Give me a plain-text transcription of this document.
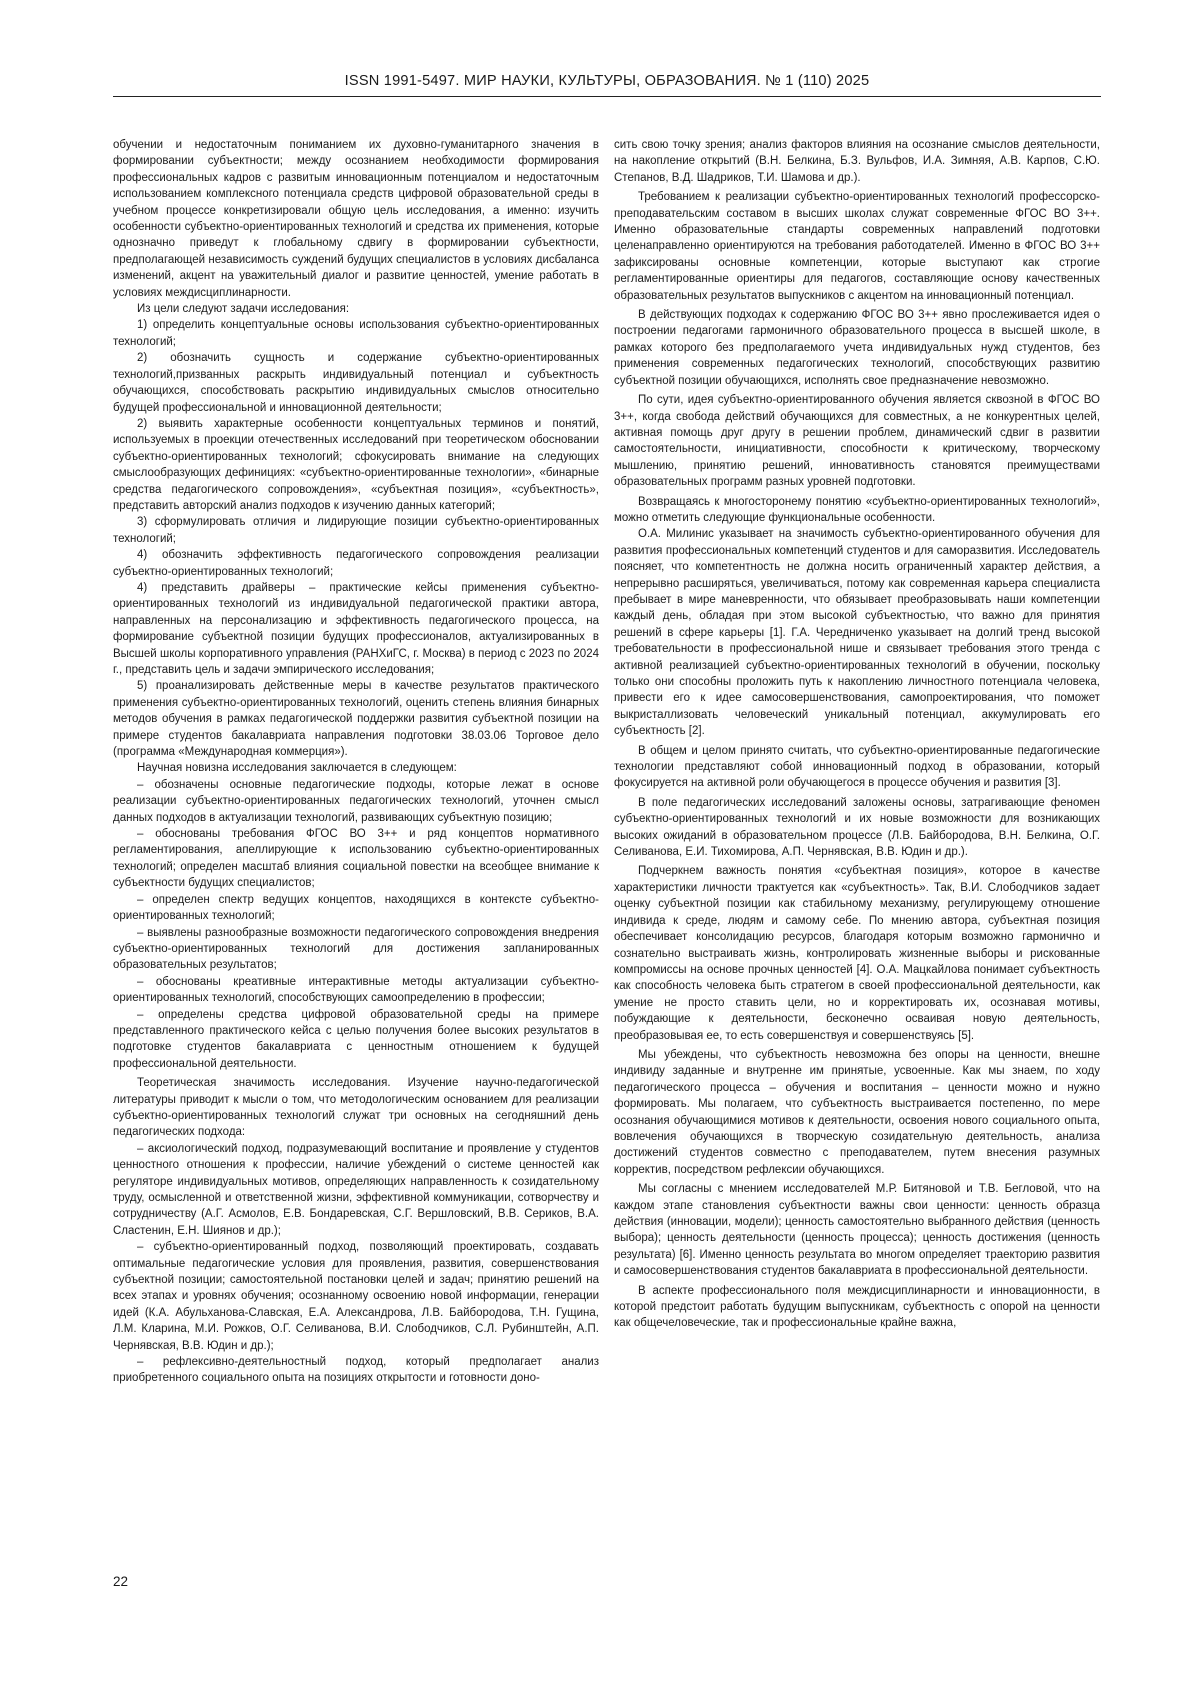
ISSN 1991-5497. МИР НАУКИ, КУЛЬТУРЫ, ОБРАЗОВАНИЯ. № 1 (110) 2025

обучении и недостаточным пониманием их духовно-гуманитарного значения в формировании субъектности; между осознанием необходимости формирования профессиональных кадров с развитым инновационным потенциалом и недостаточным использованием комплексного потенциала средств цифровой образовательной среды в учебном процессе конкретизировали общую цель исследования, а именно: изучить особенности субъектно-ориентированных технологий и средства их применения, которые однозначно приведут к глобальному сдвигу в формировании субъектности, предполагающей независимость суждений будущих специалистов в условиях дисбаланса изменений, акцент на уважительный диалог и развитие ценностей, умение работать в условиях междисциплинарности.

Из цели следуют задачи исследования:

1) определить концептуальные основы использования субъектно-ориентированных технологий;

2) обозначить сущность и содержание субъектно-ориентированных технологий,призванных раскрыть индивидуальный потенциал и субъектность обучающихся, способствовать раскрытию индивидуальных смыслов относительно будущей профессиональной и инновационной деятельности;

2) выявить характерные особенности концептуальных терминов и понятий, используемых в проекции отечественных исследований при теоретическом обосновании субъектно-ориентированных технологий; сфокусировать внимание на следующих смыслообразующих дефинициях: «субъектно-ориентированные технологии», «бинарные средства педагогического сопровождения», «субъектная позиция», «субъектность», представить авторский анализ подходов к изучению данных категорий;

3) сформулировать отличия и лидирующие позиции субъектно-ориентированных технологий;

4) обозначить эффективность педагогического сопровождения реализации субъектно-ориентированных технологий;

4) представить драйверы – практические кейсы применения субъектно-ориентированных технологий из индивидуальной педагогической практики автора, направленных на персонализацию и эффективность педагогического процесса, на формирование субъектной позиции будущих профессионалов, актуализированных в Высшей школы корпоративного управления (РАНХиГС, г. Москва) в период с 2023 по 2024 г., представить цель и задачи эмпирического исследования;

5) проанализировать действенные меры в качестве результатов практического применения субъектно-ориентированных технологий, оценить степень влияния бинарных методов обучения в рамках педагогической поддержки развития субъектной позиции на примере студентов бакалавриата направления подготовки 38.03.06 Торговое дело (программа «Международная коммерция»).

Научная новизна исследования заключается в следующем:

– обозначены основные педагогические подходы, которые лежат в основе реализации субъектно-ориентированных педагогических технологий, уточнен смысл данных подходов в актуализации технологий, развивающих субъектную позицию;

– обоснованы требования ФГОС ВО 3++ и ряд концептов нормативного регламентирования, апеллирующие к использованию субъектно-ориентированных технологий; определен масштаб влияния социальной повестки на всеобщее внимание к субъектности будущих специалистов;

– определен спектр ведущих концептов, находящихся в контексте субъектно-ориентированных технологий;

– выявлены разнообразные возможности педагогического сопровождения внедрения субъектно-ориентированных технологий для достижения запланированных образовательных результатов;

– обоснованы креативные интерактивные методы актуализации субъектно-ориентированных технологий, способствующих самоопределению в профессии;

– определены средства цифровой образовательной среды на примере представленного практического кейса с целью получения более высоких результатов в подготовке студентов бакалавриата с ценностным отношением к будущей профессиональной деятельности.

Теоретическая значимость исследования. Изучение научно-педагогической литературы приводит к мысли о том, что методологическим основанием для реализации субъектно-ориентированных технологий служат три основных на сегодняшний день педагогических подхода:

– аксиологический подход, подразумевающий воспитание и проявление у студентов ценностного отношения к профессии, наличие убеждений о системе ценностей как регуляторе индивидуальных мотивов, определяющих направленность к созидательному труду, осмысленной и ответственной жизни, эффективной коммуникации, сотворчеству и сотрудничеству (А.Г. Асмолов, Е.В. Бондаревская, С.Г. Вершловский, В.В. Сериков, В.А. Сластенин, Е.Н. Шиянов и др.);

– субъектно-ориентированный подход, позволяющий проектировать, создавать оптимальные педагогические условия для проявления, развития, совершенствования субъектной позиции; самостоятельной постановки целей и задач; принятию решений на всех этапах и уровнях обучения; осознанному освоению новой информации, генерации идей (К.А. Абульханова-Славская, Е.А. Александрова, Л.В. Байбородова, Т.Н. Гущина, Л.М. Кларина, М.И. Рожков, О.Г. Селиванова, В.И. Слободчиков, С.Л. Рубинштейн, А.П. Чернявская, В.В. Юдин и др.);

– рефлексивно-деятельностный подход, который предполагает анализ приобретенного социального опыта на позициях открытости и готовности доно-

сить свою точку зрения; анализ факторов влияния на осознание смыслов деятельности, на накопление открытий (В.Н. Белкина, Б.З. Вульфов, И.А. Зимняя, А.В. Карпов, С.Ю. Степанов, В.Д. Шадриков, Т.И. Шамова и др.).

Требованием к реализации субъектно-ориентированных технологий профессорско-преподавательским составом в высших школах служат современные ФГОС ВО 3++. Именно образовательные стандарты современных направлений подготовки целенаправленно ориентируются на требования работодателей. Именно в ФГОС ВО 3++ зафиксированы основные компетенции, которые выступают как строгие регламентированные ориентиры для педагогов, составляющие основу качественных образовательных результатов выпускников с акцентом на инновационный потенциал.

В действующих подходах к содержанию ФГОС ВО 3++ явно прослеживается идея о построении педагогами гармоничного образовательного процесса в высшей школе, в рамках которого без предполагаемого учета индивидуальных нужд студентов, без применения современных педагогических технологий, способствующих развитию субъектной позиции обучающихся, исполнять свое предназначение невозможно.

По сути, идея субъектно-ориентированного обучения является сквозной в ФГОС ВО 3++, когда свобода действий обучающихся для совместных, а не конкурентных целей, активная помощь друг другу в решении проблем, динамический сдвиг в развитии самостоятельности, инициативности, способности к критическому, творческому мышлению, принятию решений, инновативность становятся преимуществами образовательных программ разных уровней подготовки.

Возвращаясь к многосторонему понятию «субъектно-ориентированных технологий», можно отметить следующие функциональные особенности.

О.А. Милинис указывает на значимость субъектно-ориентированного обучения для развития профессиональных компетенций студентов и для саморазвития. Исследователь поясняет, что компетентность не должна носить ограниченный характер действия, а непрерывно расширяться, увеличиваться, потому как современная карьера специалиста пребывает в мире маневренности, что обязывает преобразовывать наши компетенции каждый день, обладая при этом высокой субъектностью, что важно для принятия решений в сфере карьеры [1]. Г.А. Чередниченко указывает на долгий тренд высокой требовательности в профессиональной нише и связывает требования этого тренда с активной реализацией субъектно-ориентированных технологий в обучении, поскольку только они способны проложить путь к накоплению личностного потенциала человека, привести его к идее самосовершенствования, самопроектирования, что поможет выкристаллизовать человеческий уникальный потенциал, аккумулировать его субъектность [2].

В общем и целом принято считать, что субъектно-ориентированные педагогические технологии представляют собой инновационный подход в образовании, который фокусируется на активной роли обучающегося в процессе обучения и развития [3].

В поле педагогических исследований заложены основы, затрагивающие феномен субъектно-ориентированных технологий и их новые возможности для возникающих высоких ожиданий в образовательном процессе (Л.В. Байбородова, В.Н. Белкина, О.Г. Селиванова, Е.И. Тихомирова, А.П. Чернявская, В.В. Юдин и др.).

Подчеркнем важность понятия «субъектная позиция», которое в качестве характеристики личности трактуется как «субъектность». Так, В.И. Слободчиков задает оценку субъектной позиции как стабильному механизму, регулирующему отношение индивида к среде, людям и самому себе. По мнению автора, субъектная позиция обеспечивает консолидацию ресурсов, благодаря которым возможно гармонично и сознательно выстраивать жизнь, контролировать жизненные выборы и рискованные компромиссы на основе прочных ценностей [4]. О.А. Мацкайлова понимает субъектность как способность человека быть стратегом в своей профессиональной деятельности, как умение не просто ставить цели, но и корректировать их, осознавая мотивы, побуждающие к деятельности, бесконечно осваивая новую деятельность, преобразовывая ее, то есть совершенствуя и совершенствуясь [5].

Мы убеждены, что субъектность невозможна без опоры на ценности, внешне индивиду заданные и внутренне им принятые, усвоенные. Как мы знаем, по ходу педагогического процесса – обучения и воспитания – ценности можно и нужно формировать. Мы полагаем, что субъектность выстраивается постепенно, по мере осознания обучающимися мотивов к деятельности, освоения нового социального опыта, вовлечения обучающихся в творческую созидательную деятельность, анализа достижений студентов совместно с преподавателем, путем внесения разумных корректив, посредством рефлексии обучающихся.

Мы согласны с мнением исследователей М.Р. Битяновой и Т.В. Бегловой, что на каждом этапе становления субъектности важны свои ценности: ценность образца действия (инновации, модели); ценность самостоятельно выбранного действия (ценность выбора); ценность деятельности (ценность процесса); ценность достижения (ценность результата) [6]. Именно ценность результата во многом определяет траекторию развития и самосовершенствования студентов бакалавриата в профессиональной деятельности.

В аспекте профессионального поля междисциплинарности и инновационности, в которой предстоит работать будущим выпускникам, субъектность с опорой на ценности как общечеловеческие, так и профессиональные крайне важна,

22
